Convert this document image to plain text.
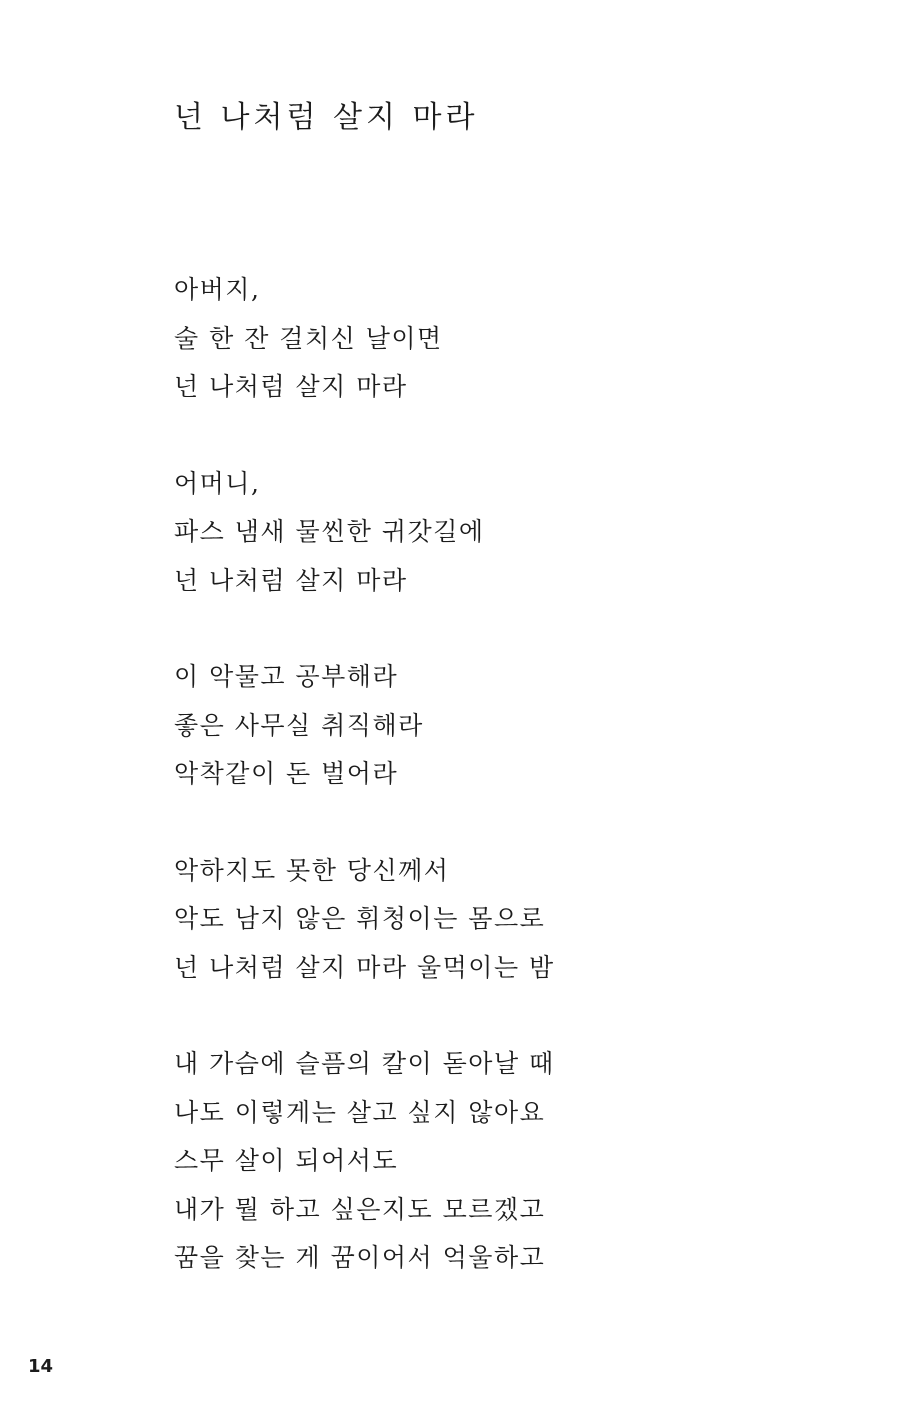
넌 나처럼 살지 마라
아버지,
술 한 잔 걸치신 날이면
넌 나처럼 살지 마라
어머니,
파스 냄새 물씬한 귀갓길에
넌 나처럼 살지 마라
이 악물고 공부해라
좋은 사무실 취직해라
악착같이 돈 벌어라
악하지도 못한 당신께서
악도 남지 않은 휘청이는 몸으로
넌 나처럼 살지 마라 울먹이는 밤
내 가슴에 슬픔의 칼이 돋아날 때
나도 이렇게는 살고 싶지 않아요
스무 살이 되어서도
내가 뭘 하고 싶은지도 모르겠고
꿈을 찾는 게 꿈이어서 억울하고
14
